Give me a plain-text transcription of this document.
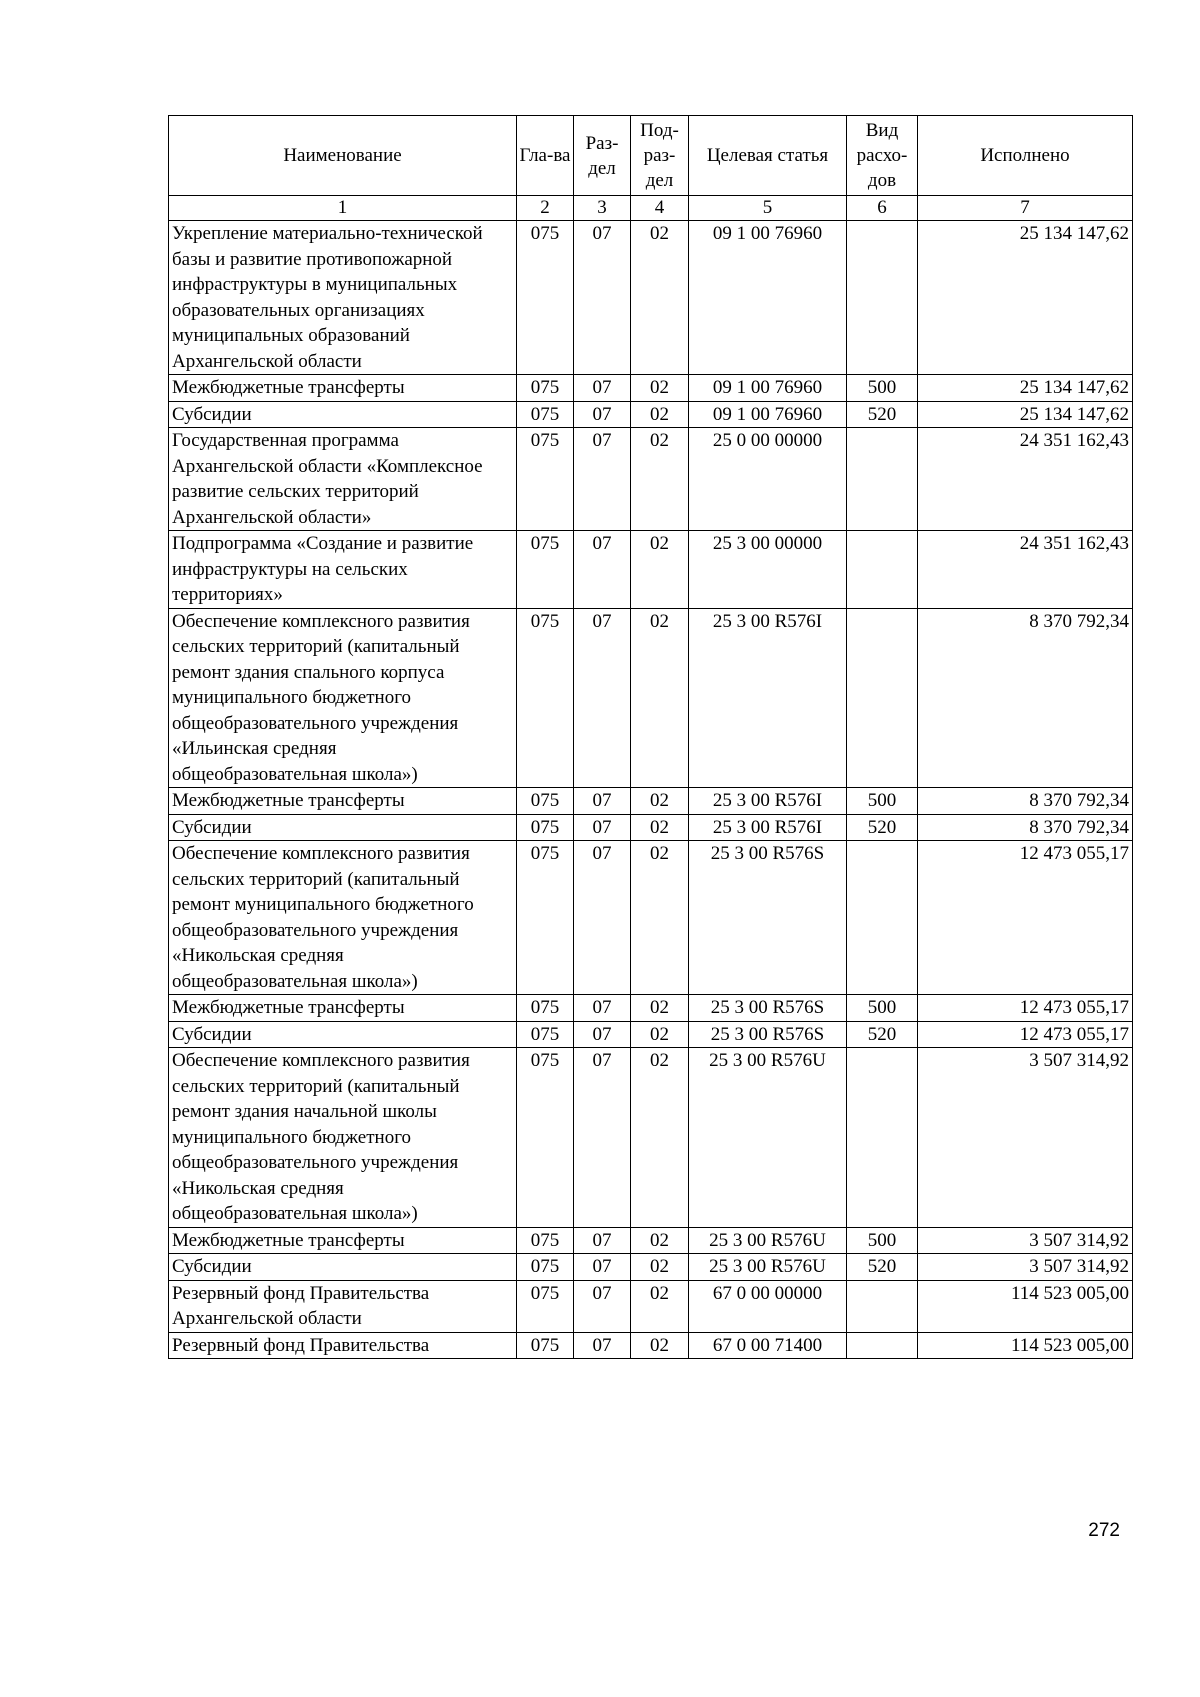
Наименование	Гла-ва	Раз-дел	Под-раз-дел	Целевая статья	Вид расхо-дов	Исполнено
1	2	3	4	5	6	7
Укрепление материально-технической базы и развитие противопожарной инфраструктуры в муниципальных образовательных организациях муниципальных образований Архангельской области	075	07	02	09 1 00 76960		25 134 147,62
Межбюджетные трансферты	075	07	02	09 1 00 76960	500	25 134 147,62
Субсидии	075	07	02	09 1 00 76960	520	25 134 147,62
Государственная программа Архангельской области «Комплексное развитие сельских территорий Архангельской области»	075	07	02	25 0 00 00000		24 351 162,43
Подпрограмма «Создание и развитие инфраструктуры на сельских территориях»	075	07	02	25 3 00 00000		24 351 162,43
Обеспечение комплексного развития сельских территорий (капитальный ремонт здания спального корпуса муниципального бюджетного общеобразовательного учреждения «Ильинская средняя общеобразовательная школа»)	075	07	02	25 3 00 R576I		8 370 792,34
Межбюджетные трансферты	075	07	02	25 3 00 R576I	500	8 370 792,34
Субсидии	075	07	02	25 3 00 R576I	520	8 370 792,34
Обеспечение комплексного развития сельских территорий (капитальный ремонт муниципального бюджетного общеобразовательного учреждения «Никольская средняя общеобразовательная школа»)	075	07	02	25 3 00 R576S		12 473 055,17
Межбюджетные трансферты	075	07	02	25 3 00 R576S	500	12 473 055,17
Субсидии	075	07	02	25 3 00 R576S	520	12 473 055,17
Обеспечение комплексного развития сельских территорий (капитальный ремонт здания начальной школы муниципального бюджетного общеобразовательного учреждения «Никольская средняя общеобразовательная школа»)	075	07	02	25 3 00 R576U		3 507 314,92
Межбюджетные трансферты	075	07	02	25 3 00 R576U	500	3 507 314,92
Субсидии	075	07	02	25 3 00 R576U	520	3 507 314,92
Резервный фонд Правительства Архангельской области	075	07	02	67 0 00 00000		114 523 005,00
Резервный фонд Правительства	075	07	02	67 0 00 71400		114 523 005,00
272
